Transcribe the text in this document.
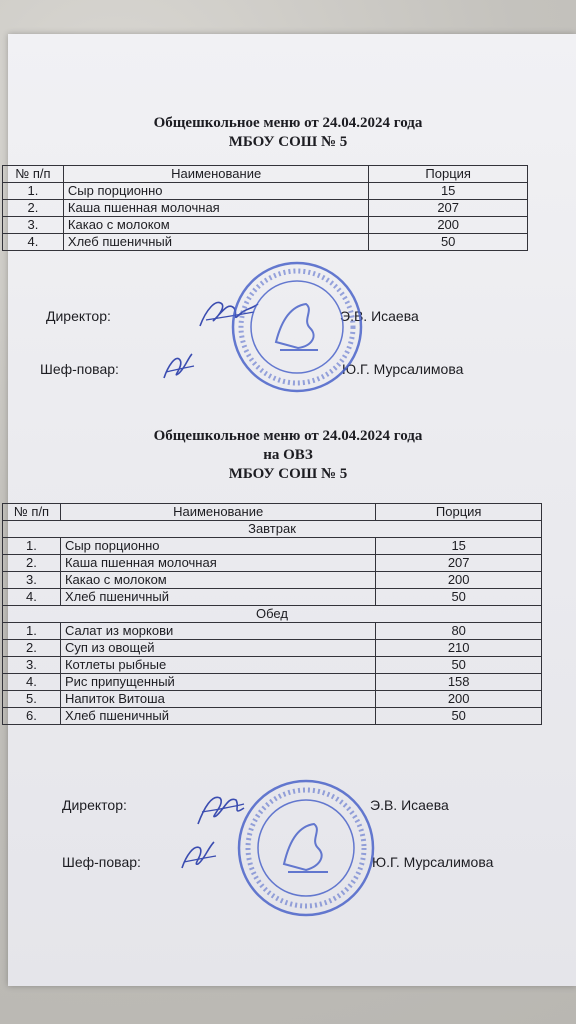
Общешкольное меню от 24.04.2024 года
МБОУ СОШ № 5
№ п/п	Наименование	Порция
1.	Сыр порционно	15
2.	Каша пшенная молочная	207
3.	Какао с молоком	200
4.	Хлеб пшеничный	50
Директор:	Э.В. Исаева
Шеф-повар:	Ю.Г. Мурсалимова
Общешкольное меню от 24.04.2024 года
на ОВЗ
МБОУ СОШ № 5
№ п/п	Наименование	Порция
Завтрак		
1.	Сыр порционно	15
2.	Каша пшенная молочная	207
3.	Какао с молоком	200
4.	Хлеб пшеничный	50
Обед		
1.	Салат из моркови	80
2.	Суп из овощей	210
3.	Котлеты рыбные	50
4.	Рис припущенный	158
5.	Напиток Витоша	200
6.	Хлеб пшеничный	50
Директор:	Э.В. Исаева
Шеф-повар:	Ю.Г. Мурсалимова
